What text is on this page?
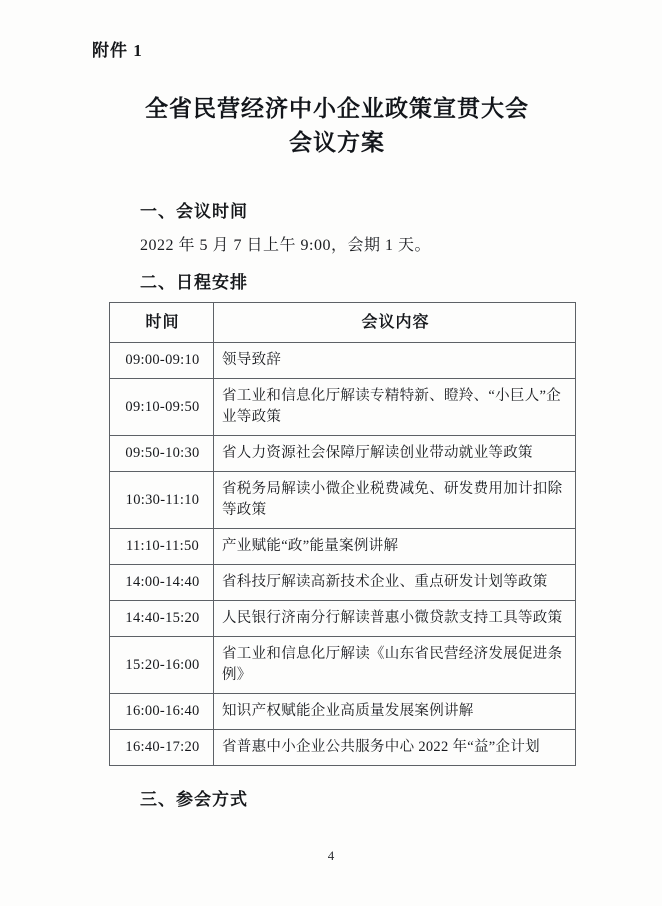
附件 1
全省民营经济中小企业政策宣贯大会
会议方案
一、会议时间
2022 年 5 月 7 日上午 9:00，会期 1 天。
二、日程安排
时间	会议内容
09:00-09:10	领导致辞
09:10-09:50	省工业和信息化厅解读专精特新、瞪羚、“小巨人”企业等政策
09:50-10:30	省人力资源社会保障厅解读创业带动就业等政策
10:30-11:10	省税务局解读小微企业税费减免、研发费用加计扣除等政策
11:10-11:50	产业赋能“政”能量案例讲解
14:00-14:40	省科技厅解读高新技术企业、重点研发计划等政策
14:40-15:20	人民银行济南分行解读普惠小微贷款支持工具等政策
15:20-16:00	省工业和信息化厅解读《山东省民营经济发展促进条例》
16:00-16:40	知识产权赋能企业高质量发展案例讲解
16:40-17:20	省普惠中小企业公共服务中心 2022 年“益”企计划
三、参会方式
4
